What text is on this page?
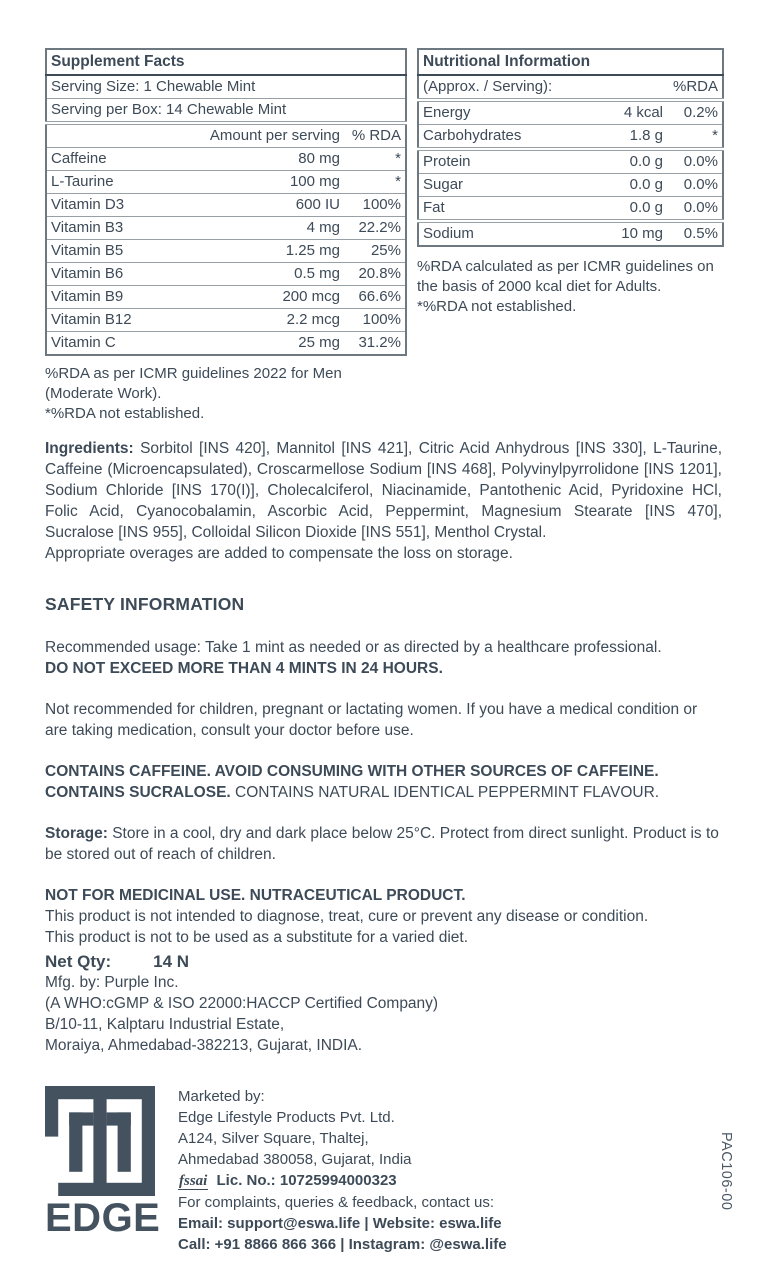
Supplement Facts		
Serving Size: 1 Chewable Mint		
Serving per Box: 14 Chewable Mint		
	Amount per serving	% RDA
Caffeine	80 mg	*
L-Taurine	100 mg	*
Vitamin D3	600 IU	100%
Vitamin B3	4 mg	22.2%
Vitamin B5	1.25 mg	25%
Vitamin B6	0.5 mg	20.8%
Vitamin B9	200 mcg	66.6%
Vitamin B12	2.2 mcg	100%
Vitamin C	25 mg	31.2%
%RDA as per ICMR guidelines 2022 for Men
(Moderate Work).
*%RDA not established.
Nutritional Information		
(Approx. / Serving):		%RDA
Energy	4 kcal	0.2%
Carbohydrates	1.8 g	*
Protein	0.0 g	0.0%
Sugar	0.0 g	0.0%
Fat	0.0 g	0.0%
Sodium	10 mg	0.5%
%RDA calculated as per ICMR guidelines on the basis of 2000 kcal diet for Adults.
*%RDA not established.
Ingredients: Sorbitol [INS 420], Mannitol [INS 421], Citric Acid Anhydrous [INS 330], L-Taurine, Caffeine (Microencapsulated), Croscarmellose Sodium [INS 468], Polyvinylpyrrolidone [INS 1201], Sodium Chloride [INS 170(I)], Cholecalciferol, Niacinamide, Pantothenic Acid, Pyridoxine HCl, Folic Acid, Cyanocobalamin, Ascorbic Acid, Peppermint, Magnesium Stearate [INS 470], Sucralose [INS 955], Colloidal Silicon Dioxide [INS 551], Menthol Crystal.
Appropriate overages are added to compensate the loss on storage.
SAFETY INFORMATION
Recommended usage: Take 1 mint as needed or as directed by a healthcare professional.
DO NOT EXCEED MORE THAN 4 MINTS IN 24 HOURS.
Not recommended for children, pregnant or lactating women. If you have a medical condition or are taking medication, consult your doctor before use.
CONTAINS CAFFEINE. AVOID CONSUMING WITH OTHER SOURCES OF CAFFEINE.
CONTAINS SUCRALOSE. CONTAINS NATURAL IDENTICAL PEPPERMINT FLAVOUR.
Storage: Store in a cool, dry and dark place below 25°C. Protect from direct sunlight. Product is to be stored out of reach of children.
NOT FOR MEDICINAL USE. NUTRACEUTICAL PRODUCT.
This product is not intended to diagnose, treat, cure or prevent any disease or condition.
This product is not to be used as a substitute for a varied diet.
Net Qty: 14 N
Mfg. by: Purple Inc.
(A WHO:cGMP & ISO 22000:HACCP Certified Company)
B/10-11, Kalptaru Industrial Estate,
Moraiya, Ahmedabad-382213, Gujarat, INDIA.
EDGE
Marketed by:
Edge Lifestyle Products Pvt. Ltd.
A124, Silver Square, Thaltej,
Ahmedabad 380058, Gujarat, India
fssai Lic. No.: 10725994000323
For complaints, queries & feedback, contact us:
Email: support@eswa.life | Website: eswa.life
Call: +91 8866 866 366 | Instagram: @eswa.life
PAC106-00
